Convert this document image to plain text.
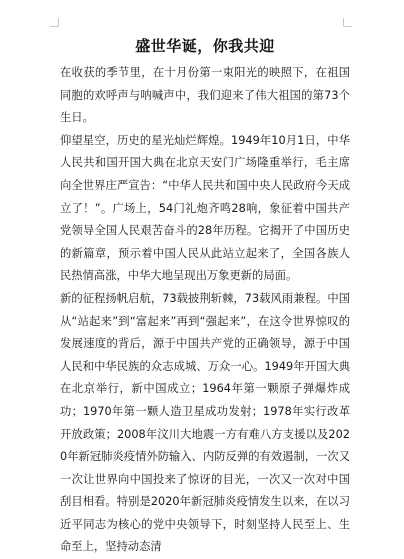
盛世华诞，你我共迎

在收获的季节里，在十月份第一束阳光的映照下，在祖国同胞的欢呼声与呐喊声中，我们迎来了伟大祖国的第73个生日。

仰望星空，历史的星光灿烂辉煌。1949年10月1日，中华人民共和国开国大典在北京天安门广场隆重举行，毛主席向全世界庄严宣告：“中华人民共和国中央人民政府今天成立了！”。广场上，54门礼炮齐鸣28响，象征着中国共产党领导全国人民艰苦奋斗的28年历程。它揭开了中国历史的新篇章，预示着中国人民从此站立起来了，全国各族人民热情高涨，中华大地呈现出万象更新的局面。

新的征程扬帆启航，73载披荆斩棘，73载风雨兼程。中国从“站起来”到“富起来”再到“强起来”，在这令世界惊叹的发展速度的背后，源于中国共产党的正确领导，源于中国人民和中华民族的众志成城、万众一心。1949年开国大典在北京举行，新中国成立；1964年第一颗原子弹爆炸成功；1970年第一颗人造卫星成功发射；1978年实行改革开放政策；2008年汶川大地震一方有难八方支援以及2020年新冠肺炎疫情外防输入、内防反弹的有效遏制，一次又一次让世界向中国投来了惊讶的目光，一次又一次对中国刮目相看。特别是2020年新冠肺炎疫情发生以来，在以习近平同志为核心的党中央领导下，时刻坚持人民至上、生命至上，坚持动态清
